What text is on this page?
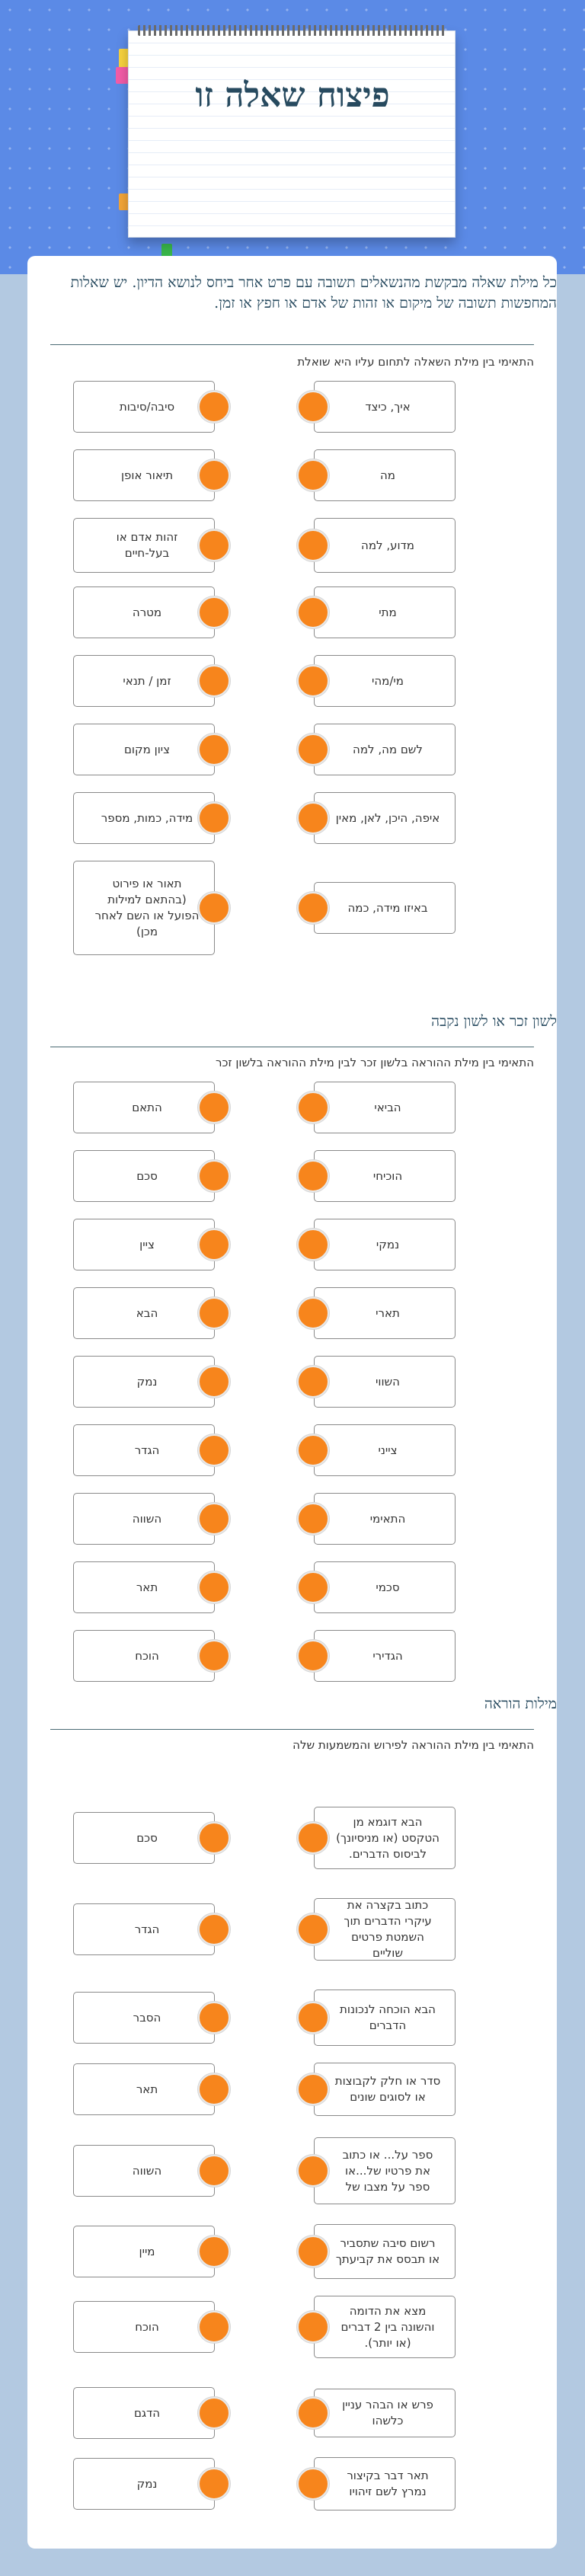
פיצוח שאלה זו
כל מילת שאלה מבקשת מהנשאלים תשובה עם פרט אחר ביחס לנושא הדיון. יש שאלות המחפשות תשובה של מיקום או זהות של אדם או חפץ או זמן.
התאימי בין מילת השאלה לתחום עליו היא שואלת
איך, כיצד
סיבה/סיבות
מה
תיאור אופן
מדוע, למה
זהות אדם או בעל-חיים
מתי
מטרה
מי/מהי
זמן / תנאי
לשם מה, למה
ציון מקום
איפה, היכן, לאן, מאין
מידה, כמות, מספר
באיזו מידה, כמה
תאור או פירוט (בהתאם למילות הפועל או השם לאחר מכן)
לשון זכר או לשון נקבה
התאימי בין מילת ההוראה בלשון זכר לבין מילת ההוראה בלשון זכר
הביאי
התאם
הוכיחי
סכם
נמקי
ציין
תארי
הבא
השווי
נמק
צייני
הגדר
התאימי
השווה
סכמי
תאר
הגדירי
הוכח
מילות הוראה
התאימי בין מילת ההוראה לפירוש והמשמעות שלה
הבא דוגמא מן הטקסט (או מניסיונך) לביסוס הדברים.
סכם
כתוב בקצרה את עיקרי הדברים תוך השמטת פרטים שוליים
הגדר
הבא הוכחה לנכונות הדברים
הסבר
סדר או חלק לקבוצות או לסוגים שונים
תאר
ספר על... או כתוב את פרטיו של...או ספר על מצבו של
השווה
רשום סיבה שתסביר או תבסס את קביעתך
מיין
מצא את הדומה והשונה בין 2 דברים (או יותר).
הוכח
פרש או הבהר עניין כלשהו
הדגם
תאר דבר בקיצור נמרץ לשם זיהויו
נמק
